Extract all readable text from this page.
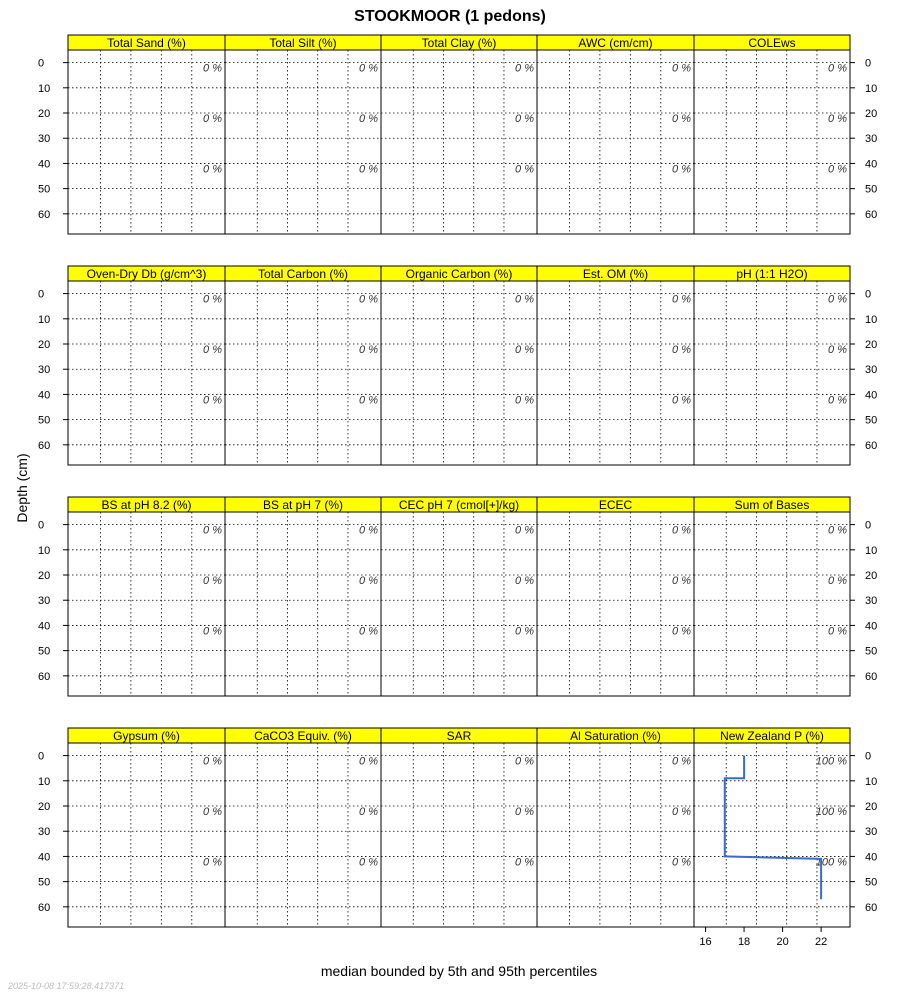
STOOKMOOR (1 pedons)
Depth (cm)
median bounded by 5th and 95th percentiles
2025-10-08 17:59:28.417371
0	0
10	10
20	20
30	30
40	40
50	50
60	60
Total Sand (%)
0 %
0 %
0 %
Total Silt (%)
0 %
0 %
0 %
Total Clay (%)
0 %
0 %
0 %
AWC (cm/cm)
0 %
0 %
0 %
COLEws
0 %
0 %
0 %
0	0
10	10
20	20
30	30
40	40
50	50
60	60
Oven-Dry Db (g/cm^3)
0 %
0 %
0 %
Total Carbon (%)
0 %
0 %
0 %
Organic Carbon (%)
0 %
0 %
0 %
Est. OM (%)
0 %
0 %
0 %
pH (1:1 H2O)
0 %
0 %
0 %
0	0
10	10
20	20
30	30
40	40
50	50
60	60
BS at pH 8.2 (%)
0 %
0 %
0 %
BS at pH 7 (%)
0 %
0 %
0 %
CEC pH 7 (cmol[+]/kg)
0 %
0 %
0 %
ECEC
0 %
0 %
0 %
Sum of Bases
0 %
0 %
0 %
0	0
10	10
20	20
30	30
40	40
50	50
60	60
Gypsum (%)
0 %
0 %
0 %
CaCO3 Equiv. (%)
0 %
0 %
0 %
SAR
0 %
0 %
0 %
Al Saturation (%)
0 %
0 %
0 %
New Zealand P (%)
100 %
100 %
100 %
16 18 20 22
